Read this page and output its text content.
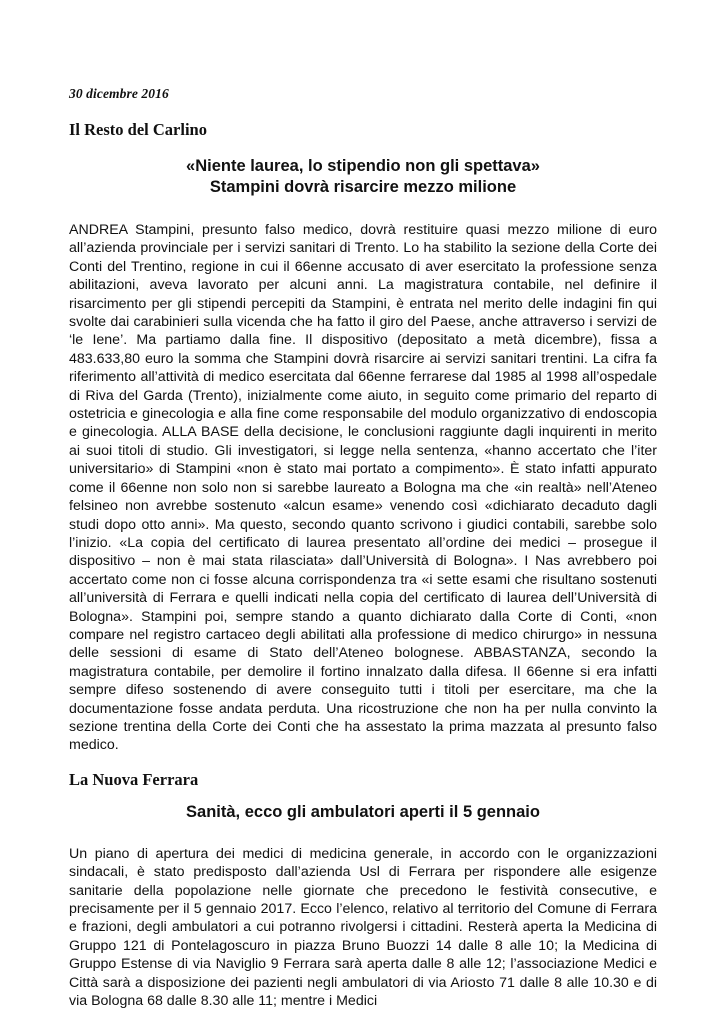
30 dicembre 2016

Il Resto del Carlino

«Niente laurea, lo stipendio non gli spettava»
Stampini dovrà risarcire mezzo milione

ANDREA Stampini, presunto falso medico, dovrà restituire quasi mezzo milione di euro all’azienda provinciale per i servizi sanitari di Trento. Lo ha stabilito la sezione della Corte dei Conti del Trentino, regione in cui il 66enne accusato di aver esercitato la professione senza abilitazioni, aveva lavorato per alcuni anni. La magistratura contabile, nel definire il risarcimento per gli stipendi percepiti da Stampini, è entrata nel merito delle indagini fin qui svolte dai carabinieri sulla vicenda che ha fatto il giro del Paese, anche attraverso i servizi de ‘le Iene’. Ma partiamo dalla fine. Il dispositivo (depositato a metà dicembre), fissa a 483.633,80 euro la somma che Stampini dovrà risarcire ai servizi sanitari trentini. La cifra fa riferimento all’attività di medico esercitata dal 66enne ferrarese dal 1985 al 1998 all’ospedale di Riva del Garda (Trento), inizialmente come aiuto, in seguito come primario del reparto di ostetricia e ginecologia e alla fine come responsabile del modulo organizzativo di endoscopia e ginecologia. ALLA BASE della decisione, le conclusioni raggiunte dagli inquirenti in merito ai suoi titoli di studio. Gli investigatori, si legge nella sentenza, «hanno accertato che l’iter universitario» di Stampini «non è stato mai portato a compimento». È stato infatti appurato come il 66enne non solo non si sarebbe laureato a Bologna ma che «in realtà» nell’Ateneo felsineo non avrebbe sostenuto «alcun esame» venendo così «dichiarato decaduto dagli studi dopo otto anni». Ma questo, secondo quanto scrivono i giudici contabili, sarebbe solo l’inizio. «La copia del certificato di laurea presentato all’ordine dei medici – prosegue il dispositivo – non è mai stata rilasciata» dall’Università di Bologna». I Nas avrebbero poi accertato come non ci fosse alcuna corrispondenza tra «i sette esami che risultano sostenuti all’università di Ferrara e quelli indicati nella copia del certificato di laurea dell’Università di Bologna». Stampini poi, sempre stando a quanto dichiarato dalla Corte di Conti, «non compare nel registro cartaceo degli abilitati alla professione di medico chirurgo» in nessuna delle sessioni di esame di Stato dell’Ateneo bolognese. ABBASTANZA, secondo la magistratura contabile, per demolire il fortino innalzato dalla difesa. Il 66enne si era infatti sempre difeso sostenendo di avere conseguito tutti i titoli per esercitare, ma che la documentazione fosse andata perduta. Una ricostruzione che non ha per nulla convinto la sezione trentina della Corte dei Conti che ha assestato la prima mazzata al presunto falso medico.

La Nuova Ferrara

Sanità, ecco gli ambulatori aperti il 5 gennaio

Un piano di apertura dei medici di medicina generale, in accordo con le organizzazioni sindacali, è stato predisposto dall’azienda Usl di Ferrara per rispondere alle esigenze sanitarie della popolazione nelle giornate che precedono le festività consecutive, e precisamente per il 5 gennaio 2017. Ecco l’elenco, relativo al territorio del Comune di Ferrara e frazioni, degli ambulatori a cui potranno rivolgersi i cittadini. Resterà aperta la Medicina di Gruppo 121 di Pontelagoscuro in piazza Bruno Buozzi 14 dalle 8 alle 10; la Medicina di Gruppo Estense di via Naviglio 9 Ferrara sarà aperta dalle 8 alle 12; l’associazione Medici e Città sarà a disposizione dei pazienti negli ambulatori di via Ariosto 71 dalle 8 alle 10.30 e di via Bologna 68 dalle 8.30 alle 11; mentre i Medici
